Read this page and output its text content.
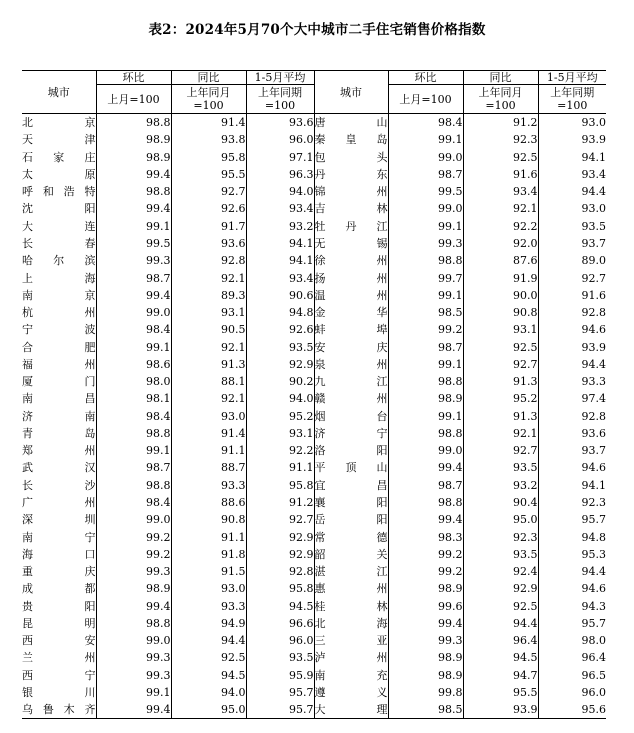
表2：2024年5月70个大中城市二手住宅销售价格指数
城市	环比	同比	1-5月平均	城市	环比	同比	1-5月平均
	上月=100	上年同月=100	上年同期=100		上月=100	上年同月=100	上年同期=100
北京	98.8	91.4	93.6	唐山	98.4	91.2	93.0
天津	98.9	93.8	96.0	秦皇岛	99.1	92.3	93.9
石家庄	98.9	95.8	97.1	包头	99.0	92.5	94.1
太原	99.4	95.5	96.3	丹东	98.7	91.6	93.4
呼和浩特	98.8	92.7	94.0	锦州	99.5	93.4	94.4
沈阳	99.4	92.6	93.4	吉林	99.0	92.1	93.0
大连	99.1	91.7	93.2	牡丹江	99.1	92.2	93.5
长春	99.5	93.6	94.1	无锡	99.3	92.0	93.7
哈尔滨	99.3	92.8	94.1	徐州	98.8	87.6	89.0
上海	98.7	92.1	93.4	扬州	99.7	91.9	92.7
南京	99.4	89.3	90.6	温州	99.1	90.0	91.6
杭州	99.0	93.1	94.8	金华	98.5	90.8	92.8
宁波	98.4	90.5	92.6	蚌埠	99.2	93.1	94.6
合肥	99.1	92.1	93.5	安庆	98.7	92.5	93.9
福州	98.6	91.3	92.9	泉州	99.1	92.7	94.4
厦门	98.0	88.1	90.2	九江	98.8	91.3	93.3
南昌	98.1	92.1	94.0	赣州	98.9	95.2	97.4
济南	98.4	93.0	95.2	烟台	99.1	91.3	92.8
青岛	98.8	91.4	93.1	济宁	98.8	92.1	93.6
郑州	99.1	91.1	92.2	洛阳	99.0	92.7	93.7
武汉	98.7	88.7	91.1	平顶山	99.4	93.5	94.6
长沙	98.8	93.3	95.8	宜昌	98.7	93.2	94.1
广州	98.4	88.6	91.2	襄阳	98.8	90.4	92.3
深圳	99.0	90.8	92.7	岳阳	99.4	95.0	95.7
南宁	99.2	91.1	92.9	常德	98.3	92.3	94.8
海口	99.2	91.8	92.9	韶关	99.2	93.5	95.3
重庆	99.3	91.5	92.8	湛江	99.2	92.4	94.4
成都	98.9	93.0	95.8	惠州	98.9	92.9	94.6
贵阳	99.4	93.3	94.5	桂林	99.6	92.5	94.3
昆明	98.8	94.9	96.6	北海	99.4	94.4	95.7
西安	99.0	94.4	96.0	三亚	99.3	96.4	98.0
兰州	99.3	92.5	93.5	泸州	98.9	94.5	96.4
西宁	99.3	94.5	95.9	南充	98.9	94.7	96.5
银川	99.1	94.0	95.7	遵义	99.8	95.5	96.0
乌鲁木齐	99.4	95.0	95.7	大理	98.5	93.9	95.6
